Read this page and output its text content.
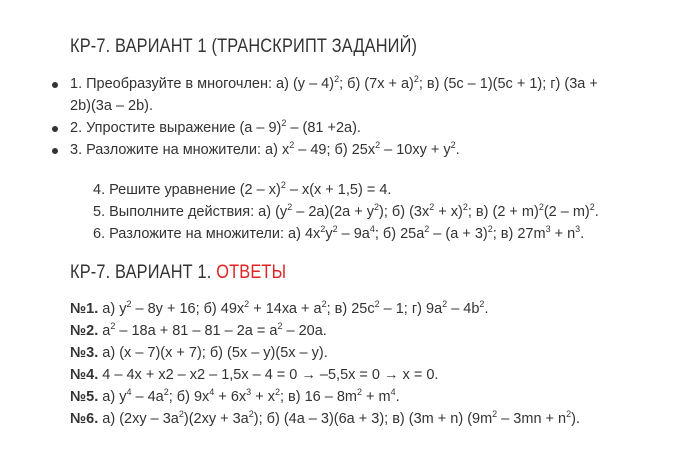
КР-7. ВАРИАНТ 1 (ТРАНСКРИПТ ЗАДАНИЙ)
1. Преобразуйте в многочлен: а) (у – 4)$^2$; б) $(7х + а)^2$; в) (5с – 1)(5с + 1); г) (3а +
2b)(3а – 2b).
2. Упростите выражение (а – 9)$^2$ – (81 +2а).
3. Разложите на множители: а) $х^2 - 49$; б) $25х^2 - 10ху + у^2$.
4. Решите уравнение (2 – х)$^2$ – х(х + 1,5) = 4.
5. Выполните действия: а) $(у^2 - 2а)(2а + у^2)$; б) $(3х^2 + х)^2$; в) $(2 + m)^2(2 - m)^2$.
6. Разложите на множители: а) $4х^2у^2 - 9а^4$; б) $25а^2 - (а + 3)^2$; в) $27m^3 + n^3$.
КР-7. ВАРИАНТ 1. ОТВЕТЫ
№1. а) $у^2 - 8у + 16$; б) $49х^2 + 14ха + а^2$; в) $25с^2 - 1$; г) $9а^2 - 4b^2$.
№2. $а^2 - 18а + 81 - 81 - 2а = а^2 - 20а$.
№3. а) (х – 7)(х + 7); б) (5х – у)(5х – у).
№4. 4 – 4х + х2 – х2 – 1,5х – 4 = 0 → –5,5х = 0 → х = 0.
№5. а) $у^4 - 4а^2$; б) $9х^4 + 6х^3 + х^2$; в) $16 - 8m^2 + m^4$.
№6. а) $(2ху - 3а^2)(2ху + 3а^2)$; б) (4а – 3)(6а + 3); в) (3m + n) $(9m^2 - 3mn + n^2)$.
